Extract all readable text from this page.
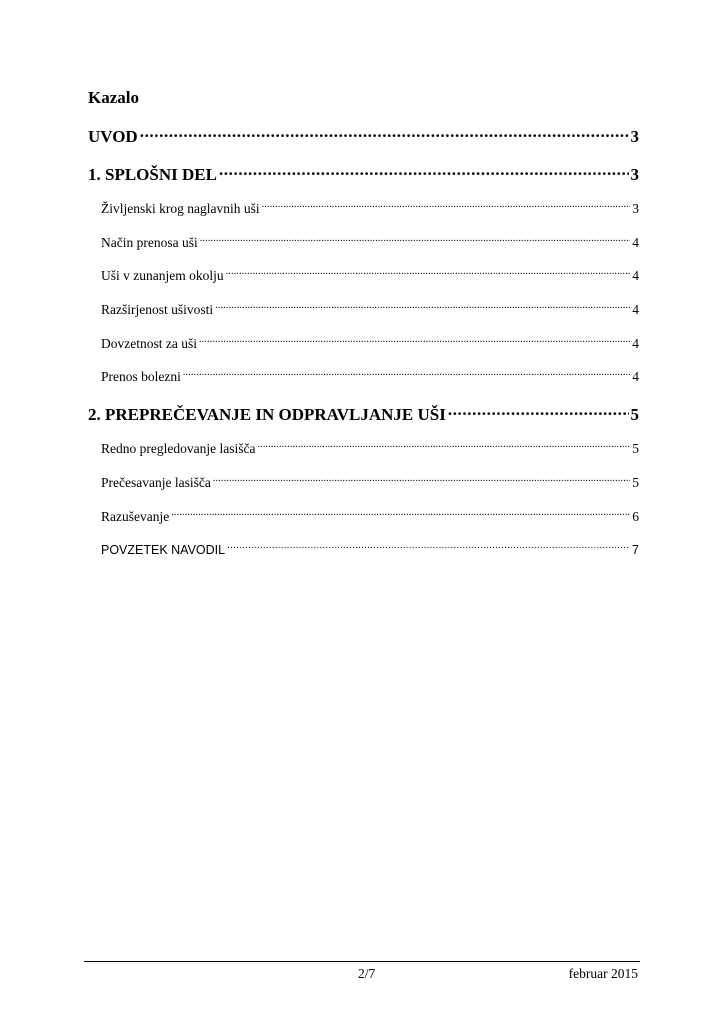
Kazalo
UVOD .....	3
1. SPLOŠNI DEL .....	3
Življenski krog naglavnih uši .....	3
Način prenosa uši .....	4
Uši v zunanjem okolju .....	4
Razširjenost ušivosti .....	4
Dovzetnost za uši .....	4
Prenos bolezni .....	4
2. PREPREČEVANJE IN ODPRAVLJANJE UŠI .....	5
Redno pregledovanje lasišča .....	5
Prečesavanje lasišča .....	5
Razuševanje .....	6
POVZETEK NAVODIL .....	7
2/7	februar 2015
